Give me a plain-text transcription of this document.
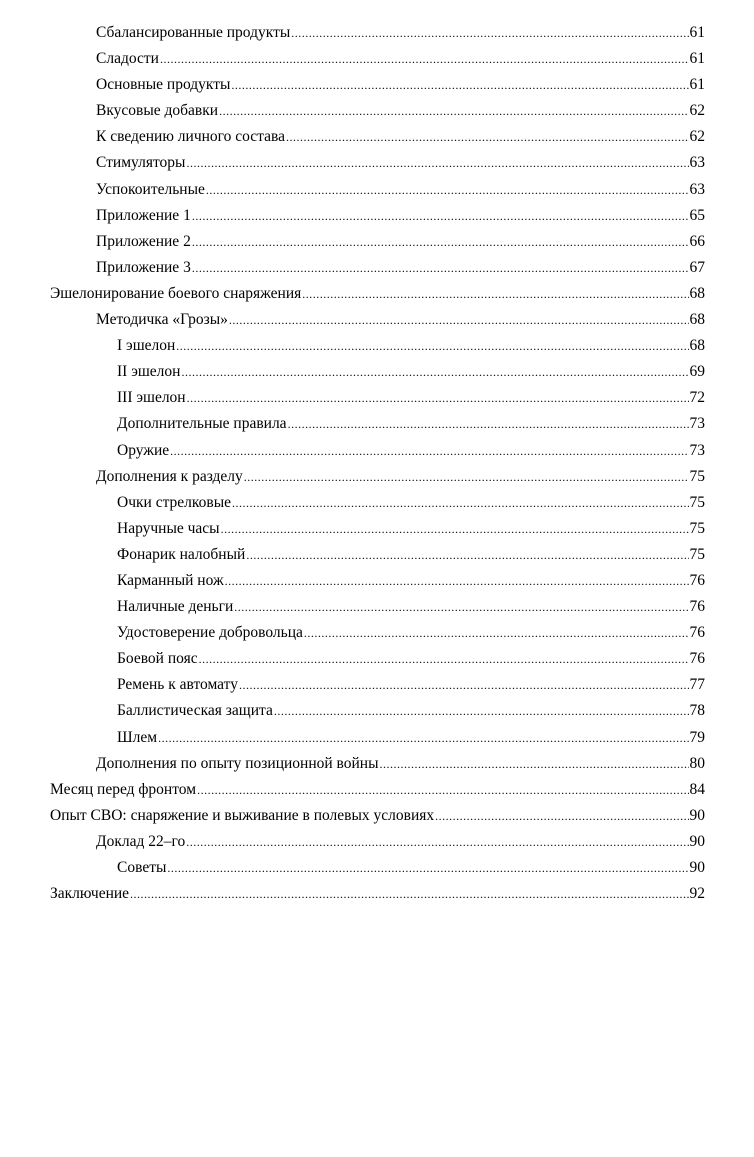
Сбалансированные продукты .....	61
Сладости .....	61
Основные продукты .....	61
Вкусовые добавки .....	62
К сведению личного состава .....	62
Стимуляторы .....	63
Успокоительные .....	63
Приложение 1 .....	65
Приложение 2 .....	66
Приложение 3 .....	67
Эшелонирование боевого снаряжения .....	68
Методичка «Грозы» .....	68
I эшелон .....	68
II эшелон .....	69
III эшелон .....	72
Дополнительные правила .....	73
Оружие .....	73
Дополнения к разделу .....	75
Очки стрелковые .....	75
Наручные часы .....	75
Фонарик налобный .....	75
Карманный нож .....	76
Наличные деньги .....	76
Удостоверение добровольца .....	76
Боевой пояс .....	76
Ремень к автомату .....	77
Баллистическая защита .....	78
Шлем .....	79
Дополнения по опыту позиционной войны .....	80
Месяц перед фронтом .....	84
Опыт СВО: снаряжение и выживание в полевых условиях .....	90
Доклад 22–го .....	90
Советы .....	90
Заключение .....	92
